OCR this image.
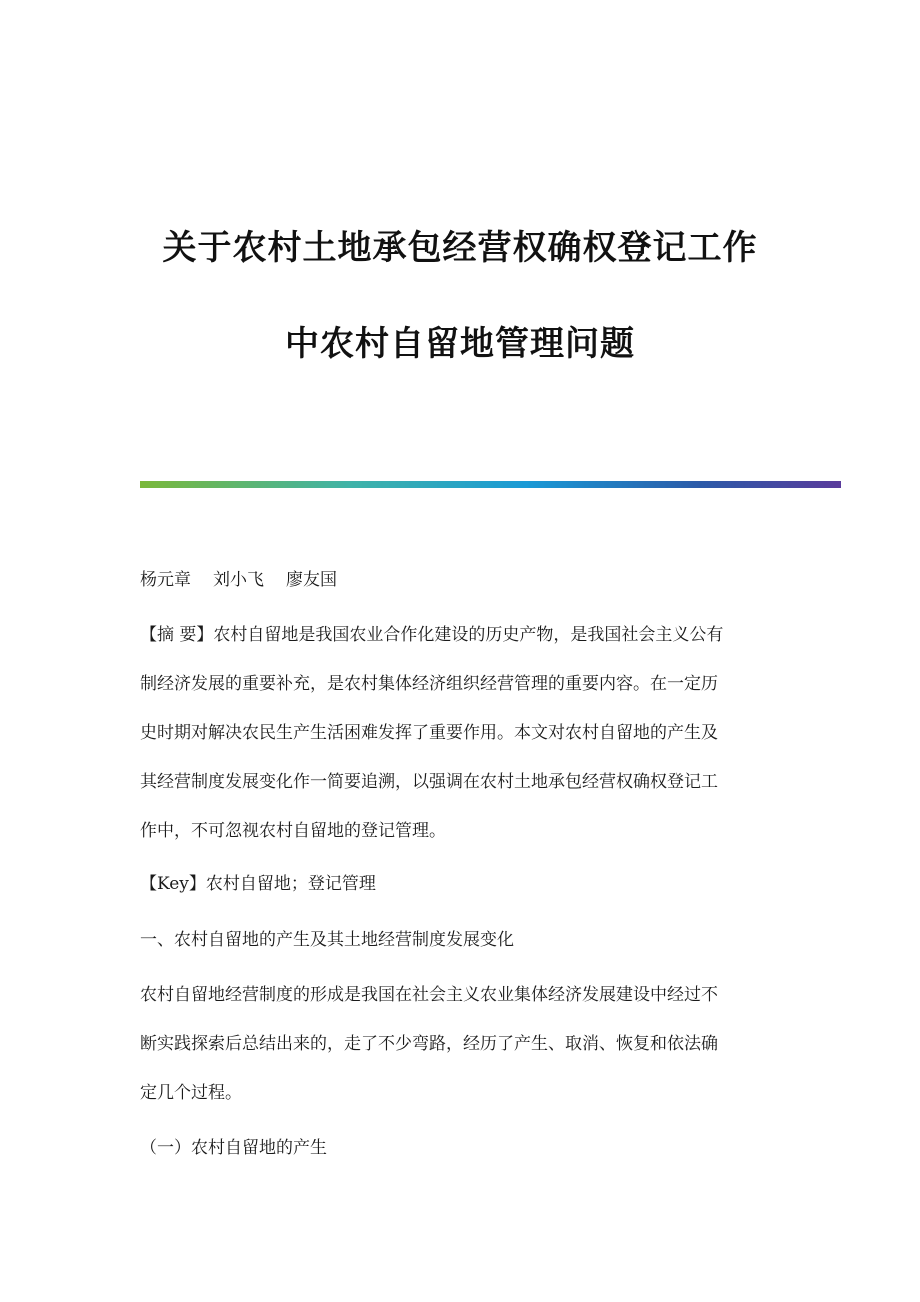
关于农村土地承包经营权确权登记工作
中农村自留地管理问题
杨元章 刘小飞 廖友国
【摘 要】农村自留地是我国农业合作化建设的历史产物，是我国社会主义公有
制经济发展的重要补充，是农村集体经济组织经营管理的重要内容。在一定历
史时期对解决农民生产生活困难发挥了重要作用。本文对农村自留地的产生及
其经营制度发展变化作一简要追溯，以强调在农村土地承包经营权确权登记工
作中，不可忽视农村自留地的登记管理。
【Key】农村自留地；登记管理
一、农村自留地的产生及其土地经营制度发展变化
农村自留地经营制度的形成是我国在社会主义农业集体经济发展建设中经过不
断实践探索后总结出来的，走了不少弯路，经历了产生、取消、恢复和依法确
定几个过程。
（一）农村自留地的产生
